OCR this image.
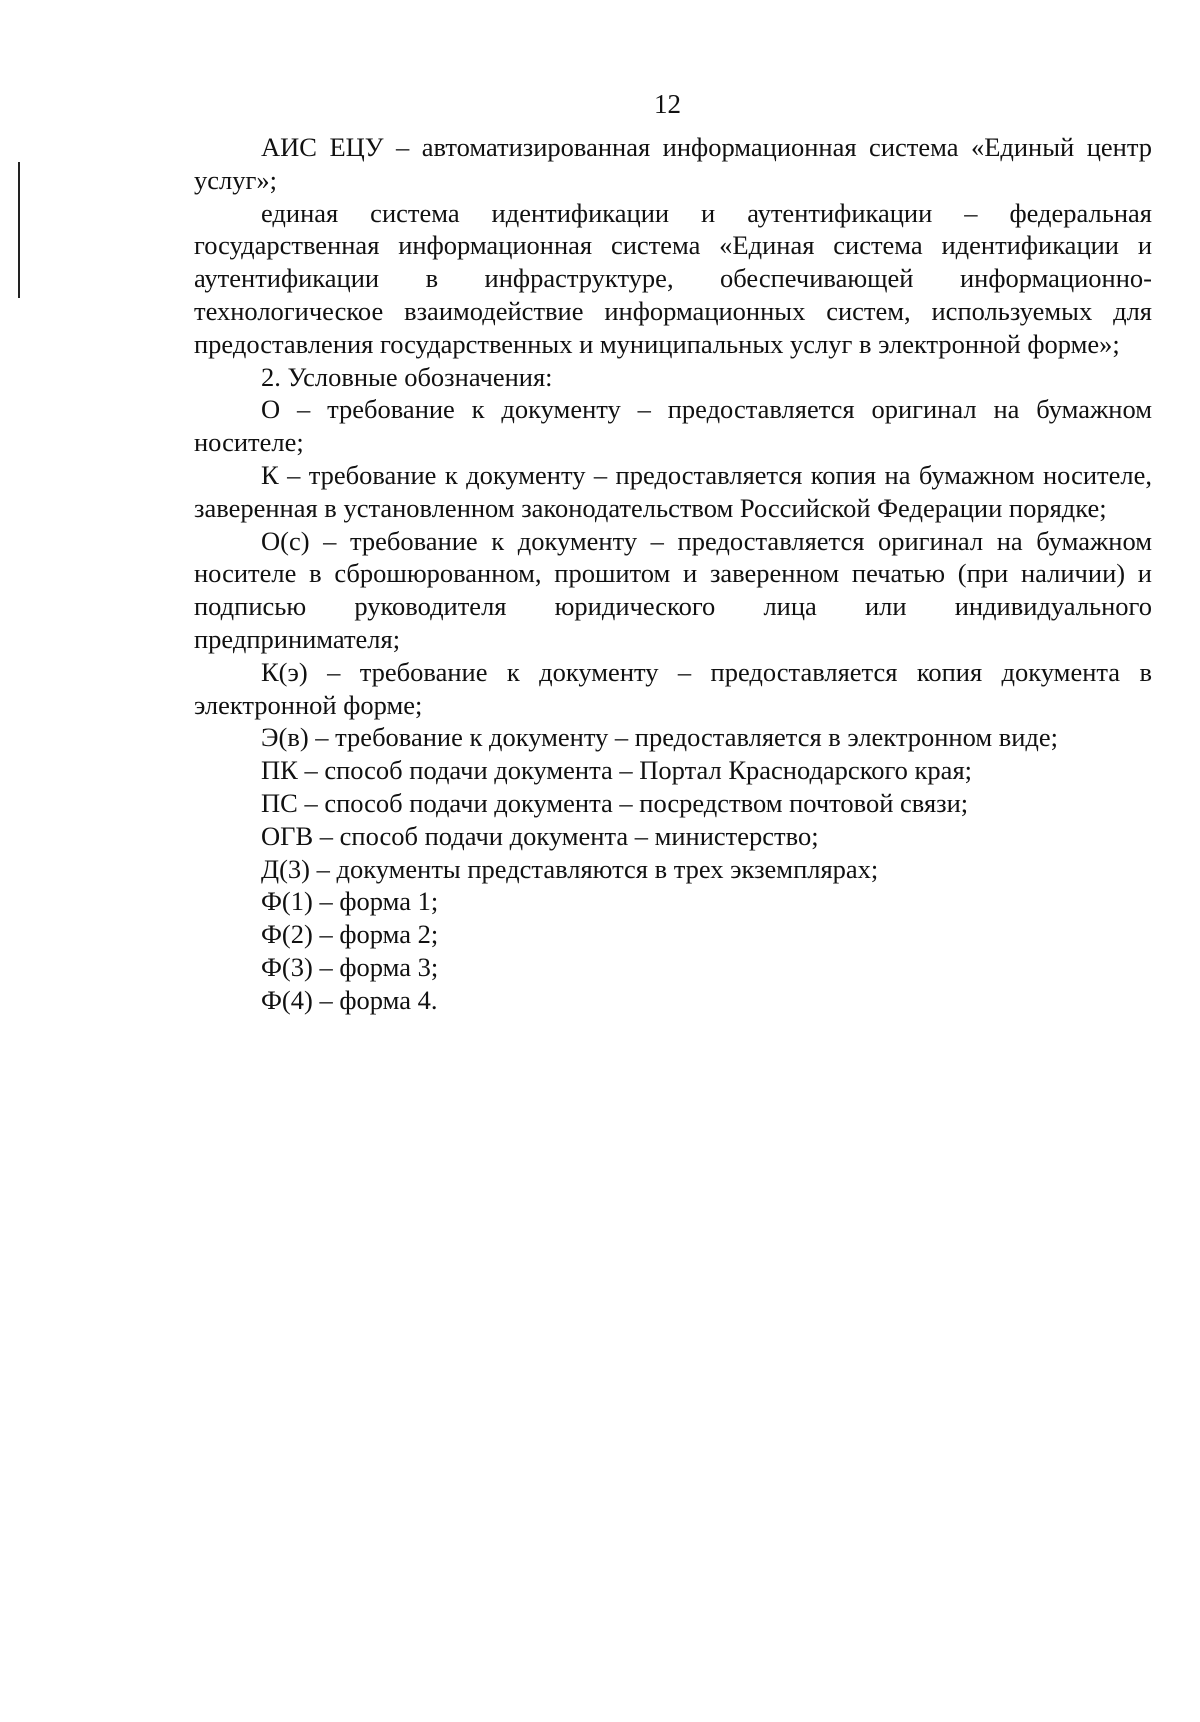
12

АИС ЕЦУ – автоматизированная информационная система «Единый центр услуг»;

единая система идентификации и аутентификации – федеральная государственная информационная система «Единая система идентификации и аутентификации в инфраструктуре, обеспечивающей информационно-технологическое взаимодействие информационных систем, используемых для предоставления государственных и муниципальных услуг в электронной форме»;

2. Условные обозначения:

О – требование к документу – предоставляется оригинал на бумажном носителе;

К – требование к документу – предоставляется копия на бумажном носителе, заверенная в установленном законодательством Российской Федерации порядке;

О(с) – требование к документу – предоставляется оригинал на бумажном носителе в сброшюрованном, прошитом и заверенном печатью (при наличии) и подписью руководителя юридического лица или индивидуального предпринимателя;

К(э) – требование к документу – предоставляется копия документа в электронной форме;

Э(в) – требование к документу – предоставляется в электронном виде;

ПК – способ подачи документа – Портал Краснодарского края;

ПС – способ подачи документа – посредством почтовой связи;

ОГВ – способ подачи документа – министерство;

Д(3) – документы представляются в трех экземплярах;

Ф(1) – форма 1;

Ф(2) – форма 2;

Ф(3) – форма 3;

Ф(4) – форма 4.
